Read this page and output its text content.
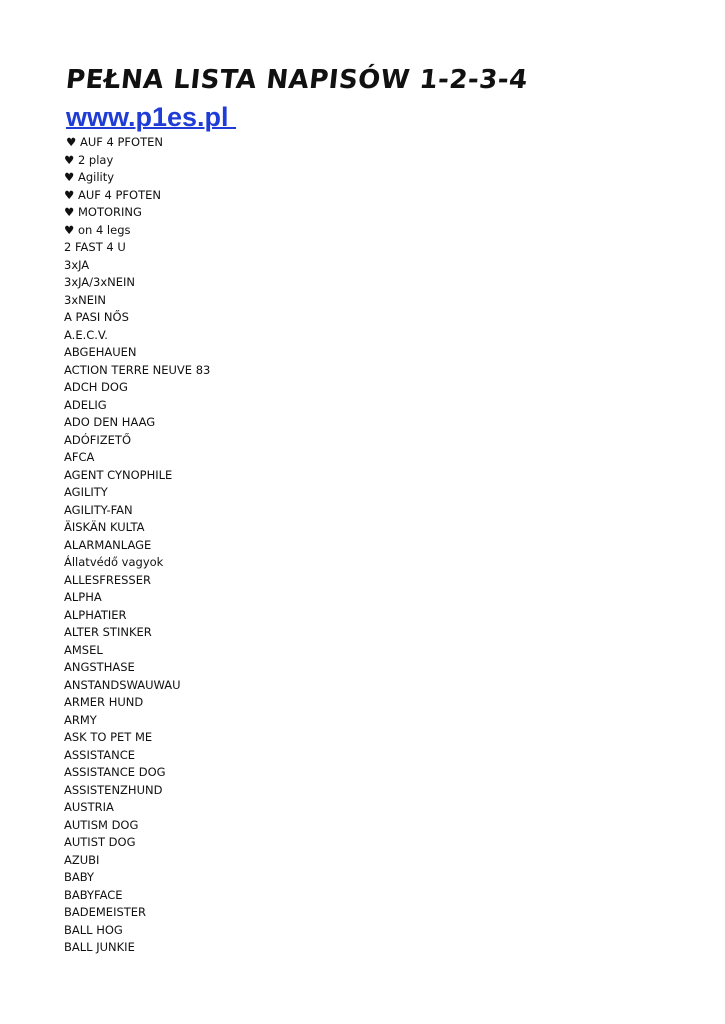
PEŁNA LISTA NAPISÓW 1-2-3-4
www.p1es.pl
♥ AUF 4 PFOTEN
♥ 2 play
♥ Agility
♥ AUF 4 PFOTEN
♥ MOTORING
♥ on 4 legs
2 FAST 4 U
3xJA
3xJA/3xNEIN
3xNEIN
A PASI NŐS
A.E.C.V.
ABGEHAUEN
ACTION TERRE NEUVE 83
ADCH DOG
ADELIG
ADO DEN HAAG
ADÓFIZETŐ
AFCA
AGENT CYNOPHILE
AGILITY
AGILITY-FAN
ÄISKÄN KULTA
ALARMANLAGE
Állatvédő vagyok
ALLESFRESSER
ALPHA
ALPHATIER
ALTER STINKER
AMSEL
ANGSTHASE
ANSTANDSWAUWAU
ARMER HUND
ARMY
ASK TO PET ME
ASSISTANCE
ASSISTANCE DOG
ASSISTENZHUND
AUSTRIA
AUTISM DOG
AUTIST DOG
AZUBI
BABY
BABYFACE
BADEMEISTER
BALL HOG
BALL JUNKIE
